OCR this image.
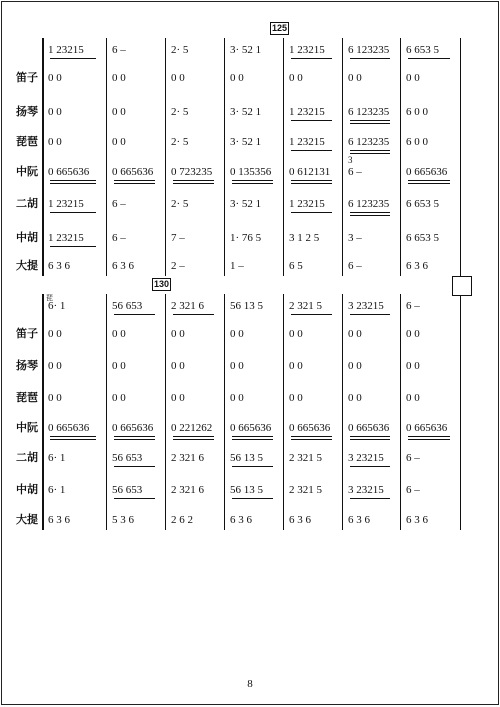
1 23215	6 –	2· 5	3· 52 1	1 23215	6 123235	6 653 5
125
笛子 0 0	0 0	0 0	0 0	0 0	0 0	0 0
扬琴 0 0	0 0	2· 5	3· 52 1	1 23215	6 123235	6 0 0
琵琶 0 0	0 0	2· 5	3· 52 1	1 23215	6 123235	6 0 0
中阮 0 665636	0 665636	0 723235	0 135356	0 612131	6 –	0 665636
二胡 1 23215	6 –	2· 5	3· 52 1	1 23215	6 123235	6 653 5
中胡 1 23215	6 –	7 –	1· 76 5	3 1 2 5	3 –	6 653 5
大提 6 3 6	6 3 6	2 –	1 –	6 5	6 –	6 3 6
3
6· 1	56 653	2 321 6	56 13 5	2 321 5	3 23215	6 –
琵
130
笛子 0 0	0 0	0 0	0 0	0 0	0 0	0 0
扬琴 0 0	0 0	0 0	0 0	0 0	0 0	0 0
琵琶 0 0	0 0	0 0	0 0	0 0	0 0	0 0
中阮 0 665636	0 665636	0 221262	0 665636	0 665636	0 665636	0 665636
二胡 6· 1	56 653	2 321 6	56 13 5	2 321 5	3 23215	6 –
中胡 6· 1	56 653	2 321 6	56 13 5	2 321 5	3 23215	6 –
大提 6 3 6	5 3 6	2 6 2	6 3 6	6 3 6	6 3 6	6 3 6
8
